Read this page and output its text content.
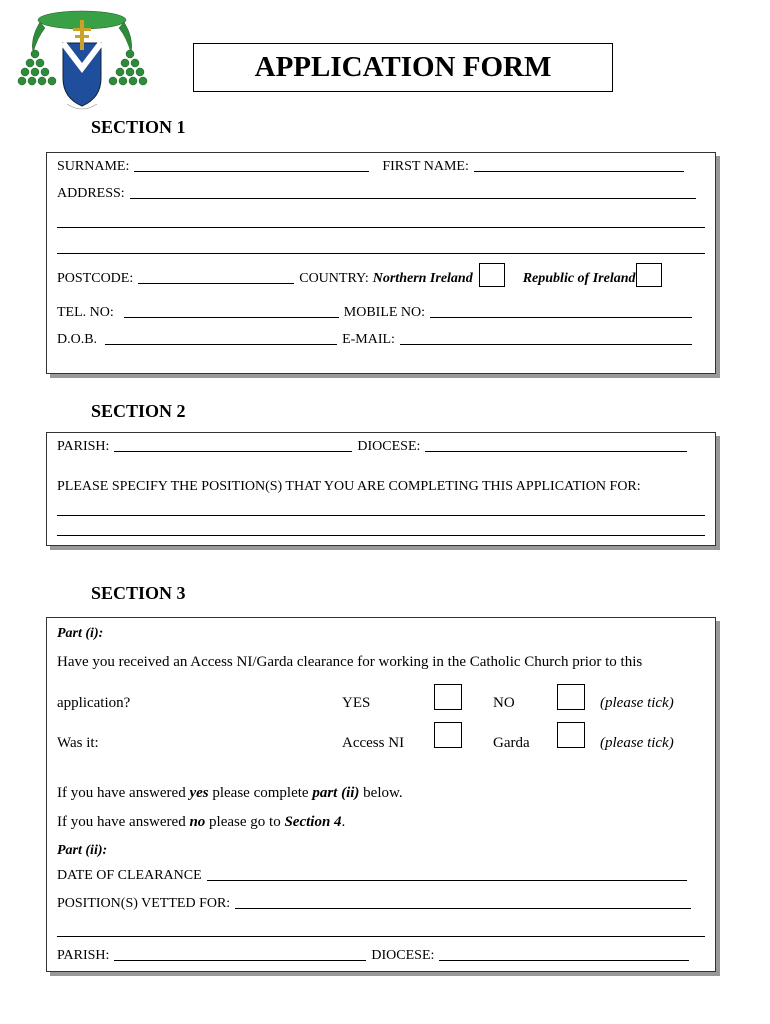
APPLICATION FORM
SECTION 1
SURNAME:	FIRST NAME:
ADDRESS:
POSTCODE:	COUNTRY: Northern Ireland	Republic of Ireland
TEL. NO:	MOBILE NO:
D.O.B.	E-MAIL:
SECTION 2
PARISH:	DIOCESE:
PLEASE SPECIFY THE POSITION(S) THAT YOU ARE COMPLETING THIS APPLICATION FOR:
SECTION 3
Part (i):
Have you received an Access NI/Garda clearance for working in the Catholic Church prior to this
application?	YES	NO	(please tick)
Was it:	Access NI	Garda	(please tick)
If you have answered yes please complete part (ii) below.
If you have answered no please go to Section 4.
Part (ii):
DATE OF CLEARANCE
POSITION(S) VETTED FOR:
PARISH:	DIOCESE:
